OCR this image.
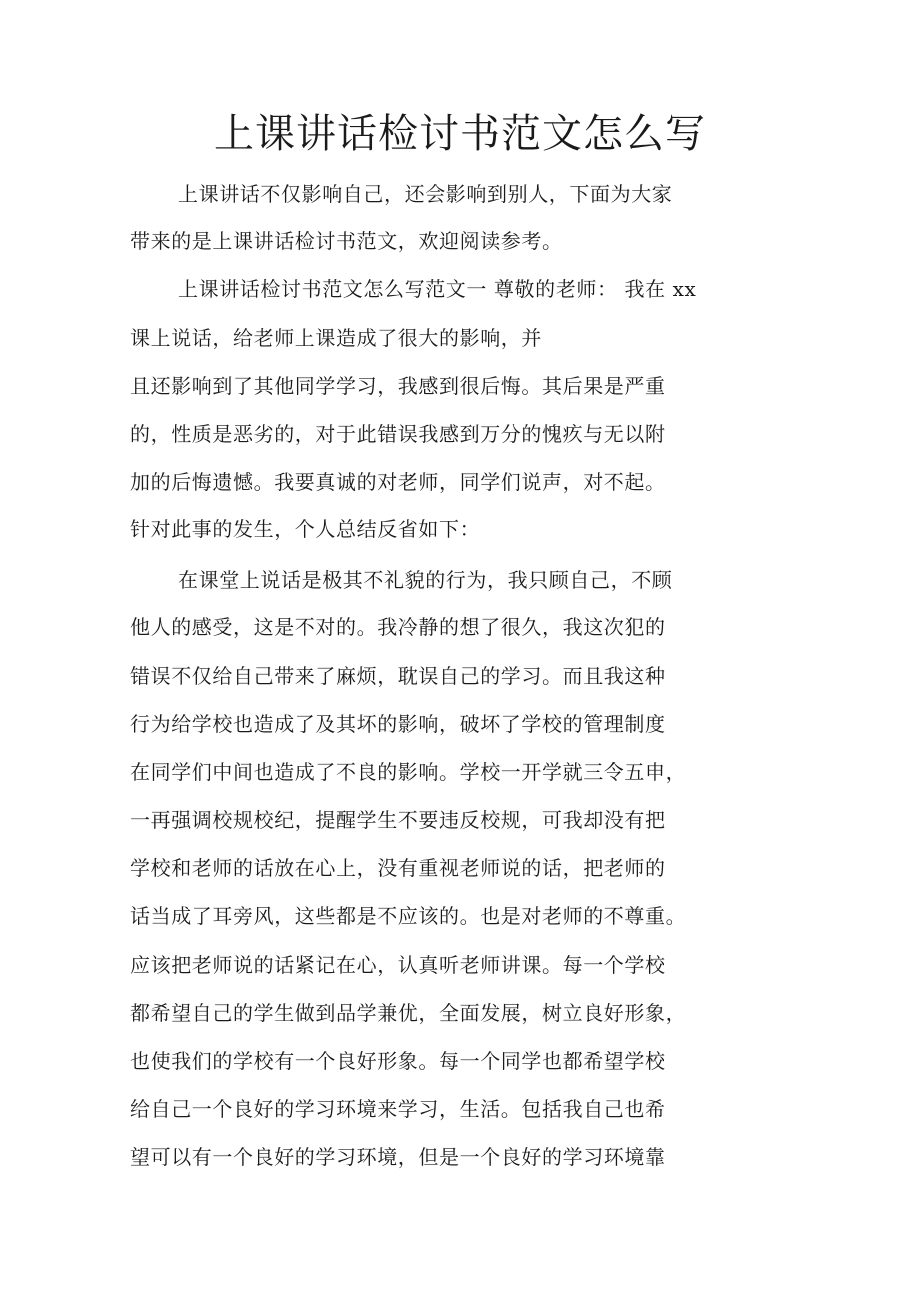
上课讲话检讨书范文怎么写
上课讲话不仅影响自己，还会影响到别人，下面为大家
带来的是上课讲话检讨书范文，欢迎阅读参考。
上课讲话检讨书范文怎么写范文一 尊敬的老师： 我在 xx
课上说话，给老师上课造成了很大的影响，并
且还影响到了其他同学学习，我感到很后悔。其后果是严重
的，性质是恶劣的，对于此错误我感到万分的愧疚与无以附
加的后悔遗憾。我要真诚的对老师，同学们说声，对不起。
针对此事的发生，个人总结反省如下：
在课堂上说话是极其不礼貌的行为，我只顾自己，不顾
他人的感受，这是不对的。我冷静的想了很久，我这次犯的
错误不仅给自己带来了麻烦，耽误自己的学习。而且我这种
行为给学校也造成了及其坏的影响，破坏了学校的管理制度
在同学们中间也造成了不良的影响。学校一开学就三令五申，
一再强调校规校纪，提醒学生不要违反校规，可我却没有把
学校和老师的话放在心上，没有重视老师说的话，把老师的
话当成了耳旁风，这些都是不应该的。也是对老师的不尊重。
应该把老师说的话紧记在心，认真听老师讲课。每一个学校
都希望自己的学生做到品学兼优，全面发展，树立良好形象，
也使我们的学校有一个良好形象。每一个同学也都希望学校
给自己一个良好的学习环境来学习，生活。包括我自己也希
望可以有一个良好的学习环境，但是一个良好的学习环境靠
